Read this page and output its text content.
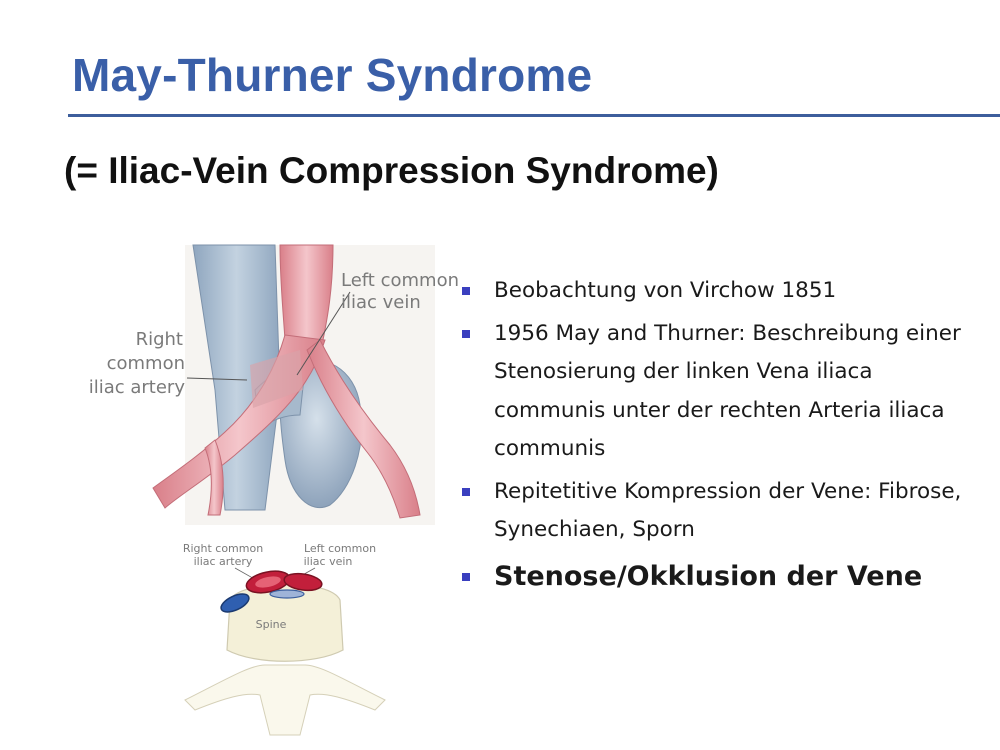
May-Thurner Syndrome
(= Iliac-Vein Compression Syndrome)
Left common
iliac vein
Right
common
iliac artery
Right common
iliac artery
Left common
iliac vein
Spine
Beobachtung von Virchow 1851
1956 May and Thurner: Beschreibung einer Stenosierung der linken Vena iliaca communis unter der rechten Arteria iliaca communis
Repitetitive Kompression der Vene: Fibrose, Synechiaen, Sporn
Stenose/Okklusion der Vene
